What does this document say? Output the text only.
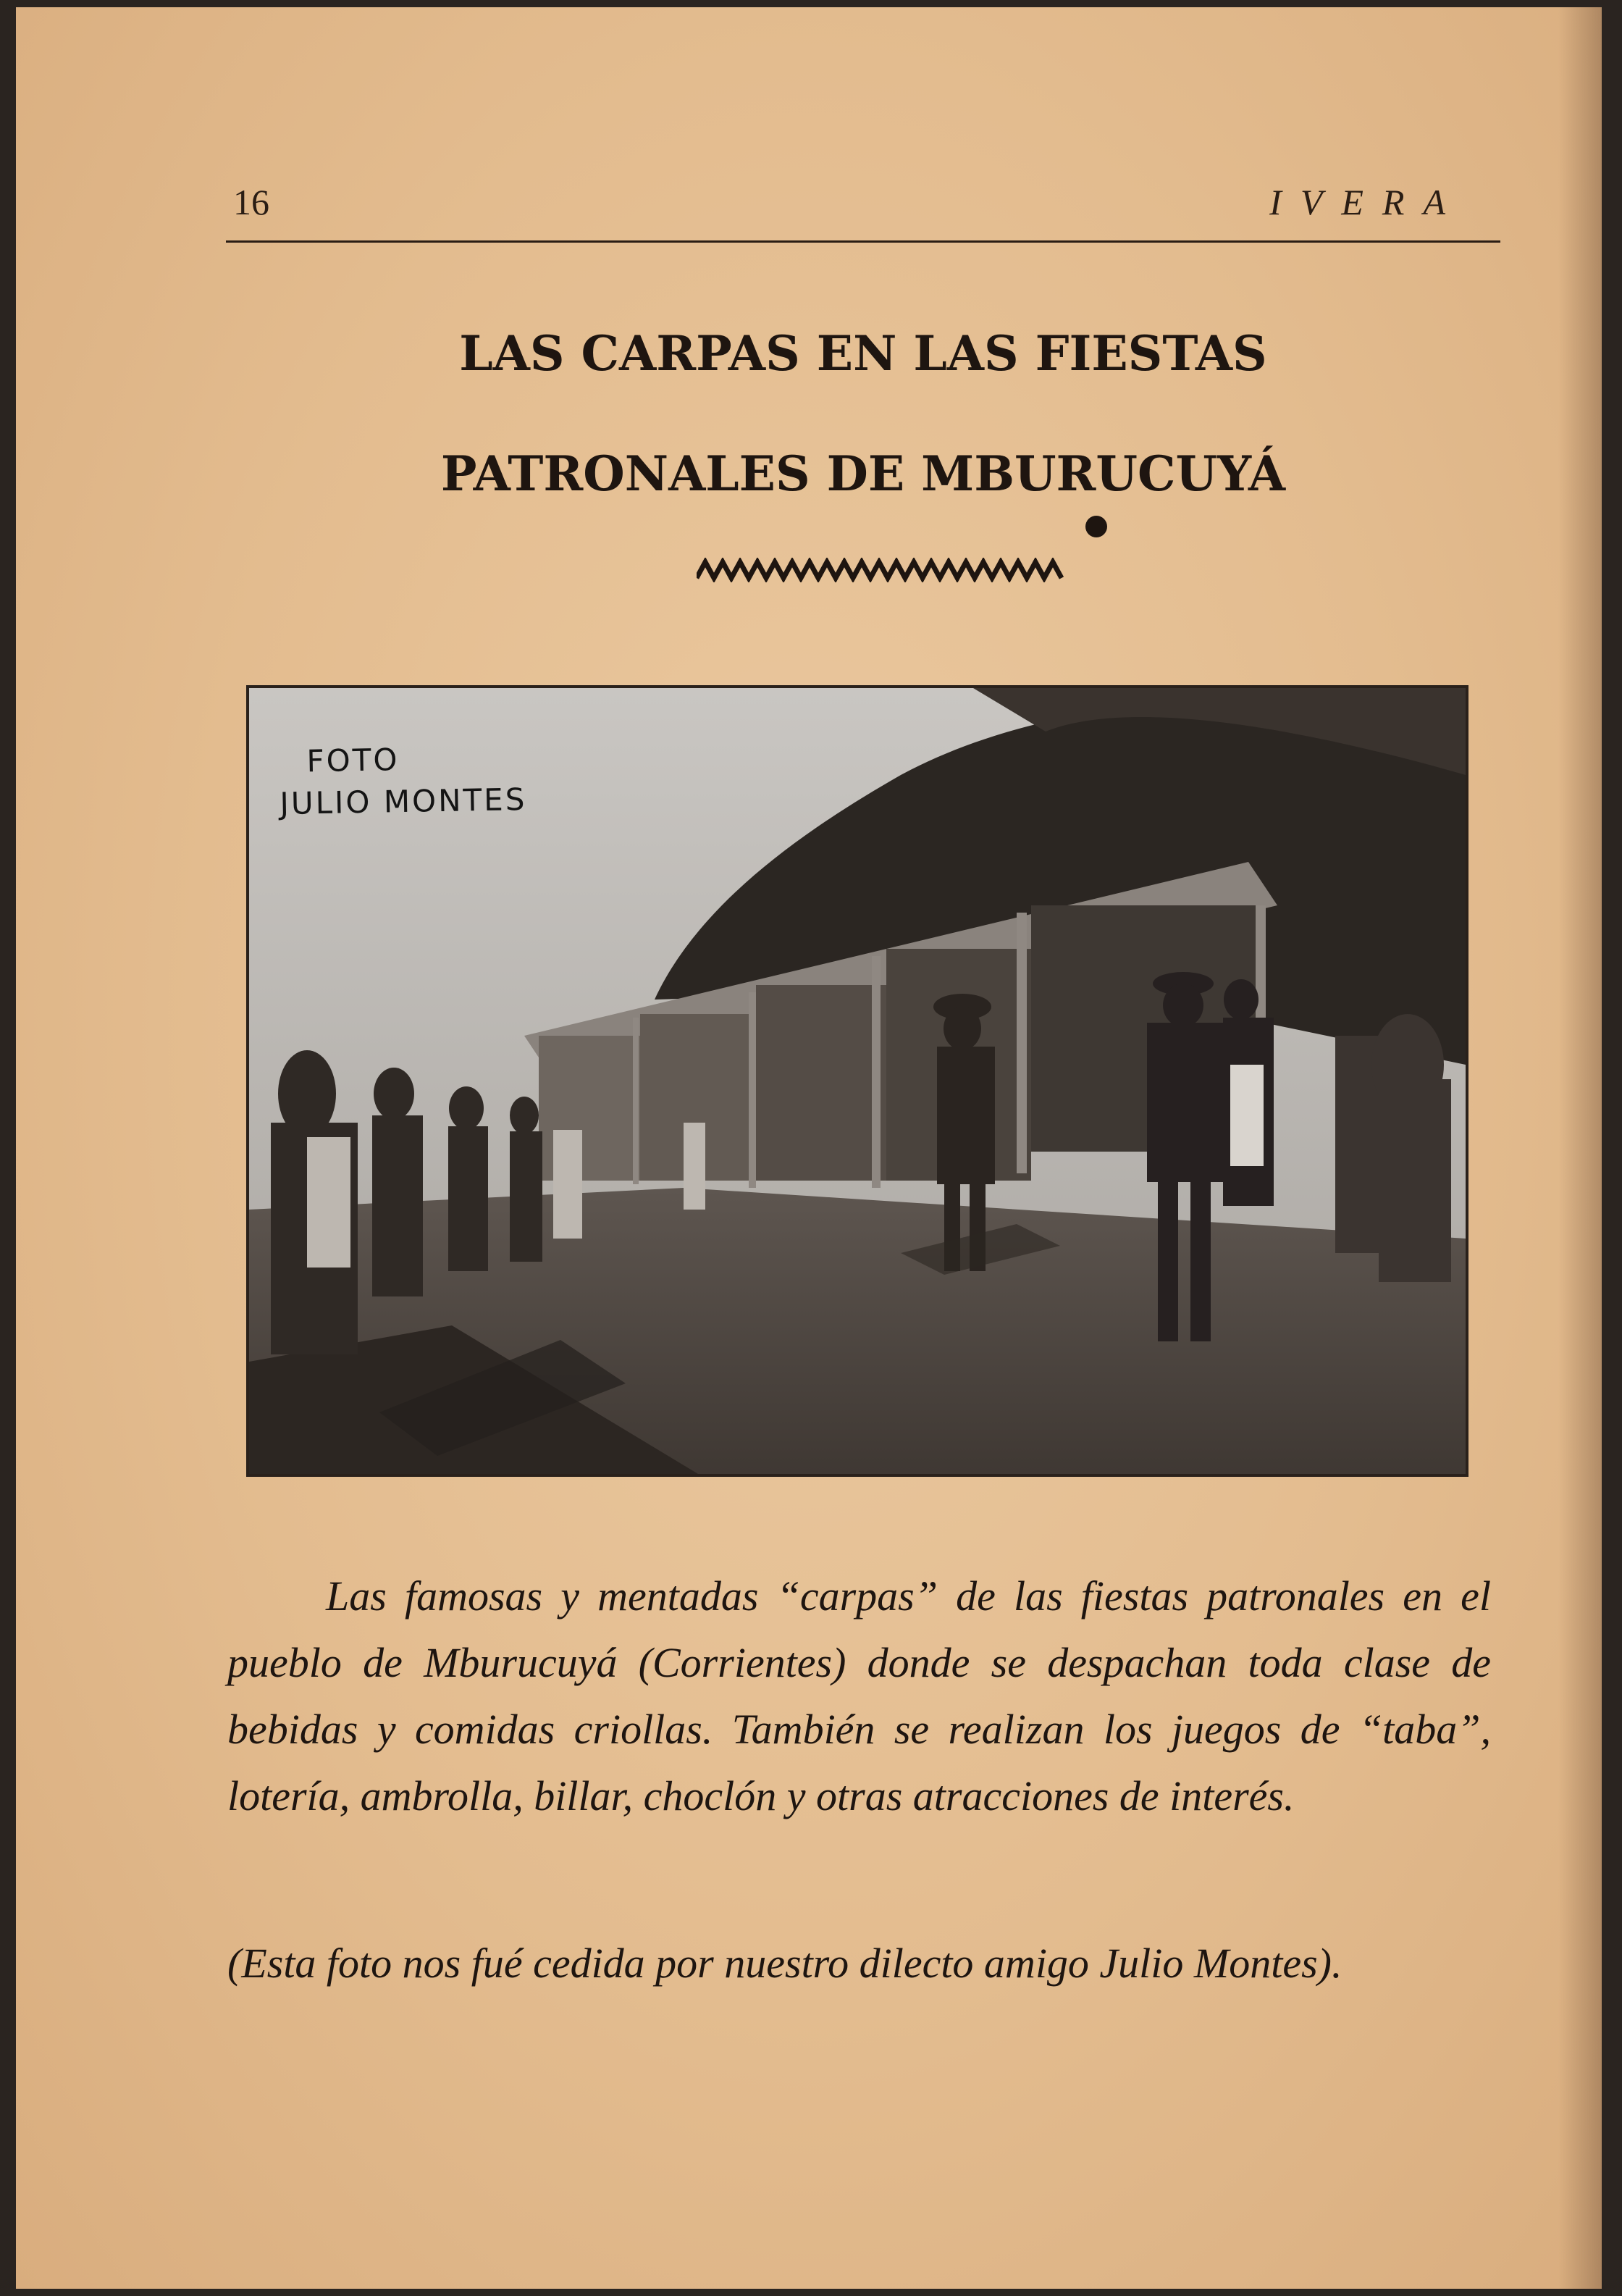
16	IVERA
LAS CARPAS EN LAS FIESTAS
PATRONALES DE MBURUCUYÁ
FOTO
JULIO MONTES

Las famosas y mentadas “carpas” de las fiestas patronales en el pueblo de Mburucuyá (Corrientes) donde se despachan toda clase de bebidas y comidas criollas. También se realizan los juegos de “taba”, lotería, ambrolla, billar, choclón y otras atracciones de interés.

(Esta foto nos fué cedida por nuestro dilecto amigo Julio Montes).
